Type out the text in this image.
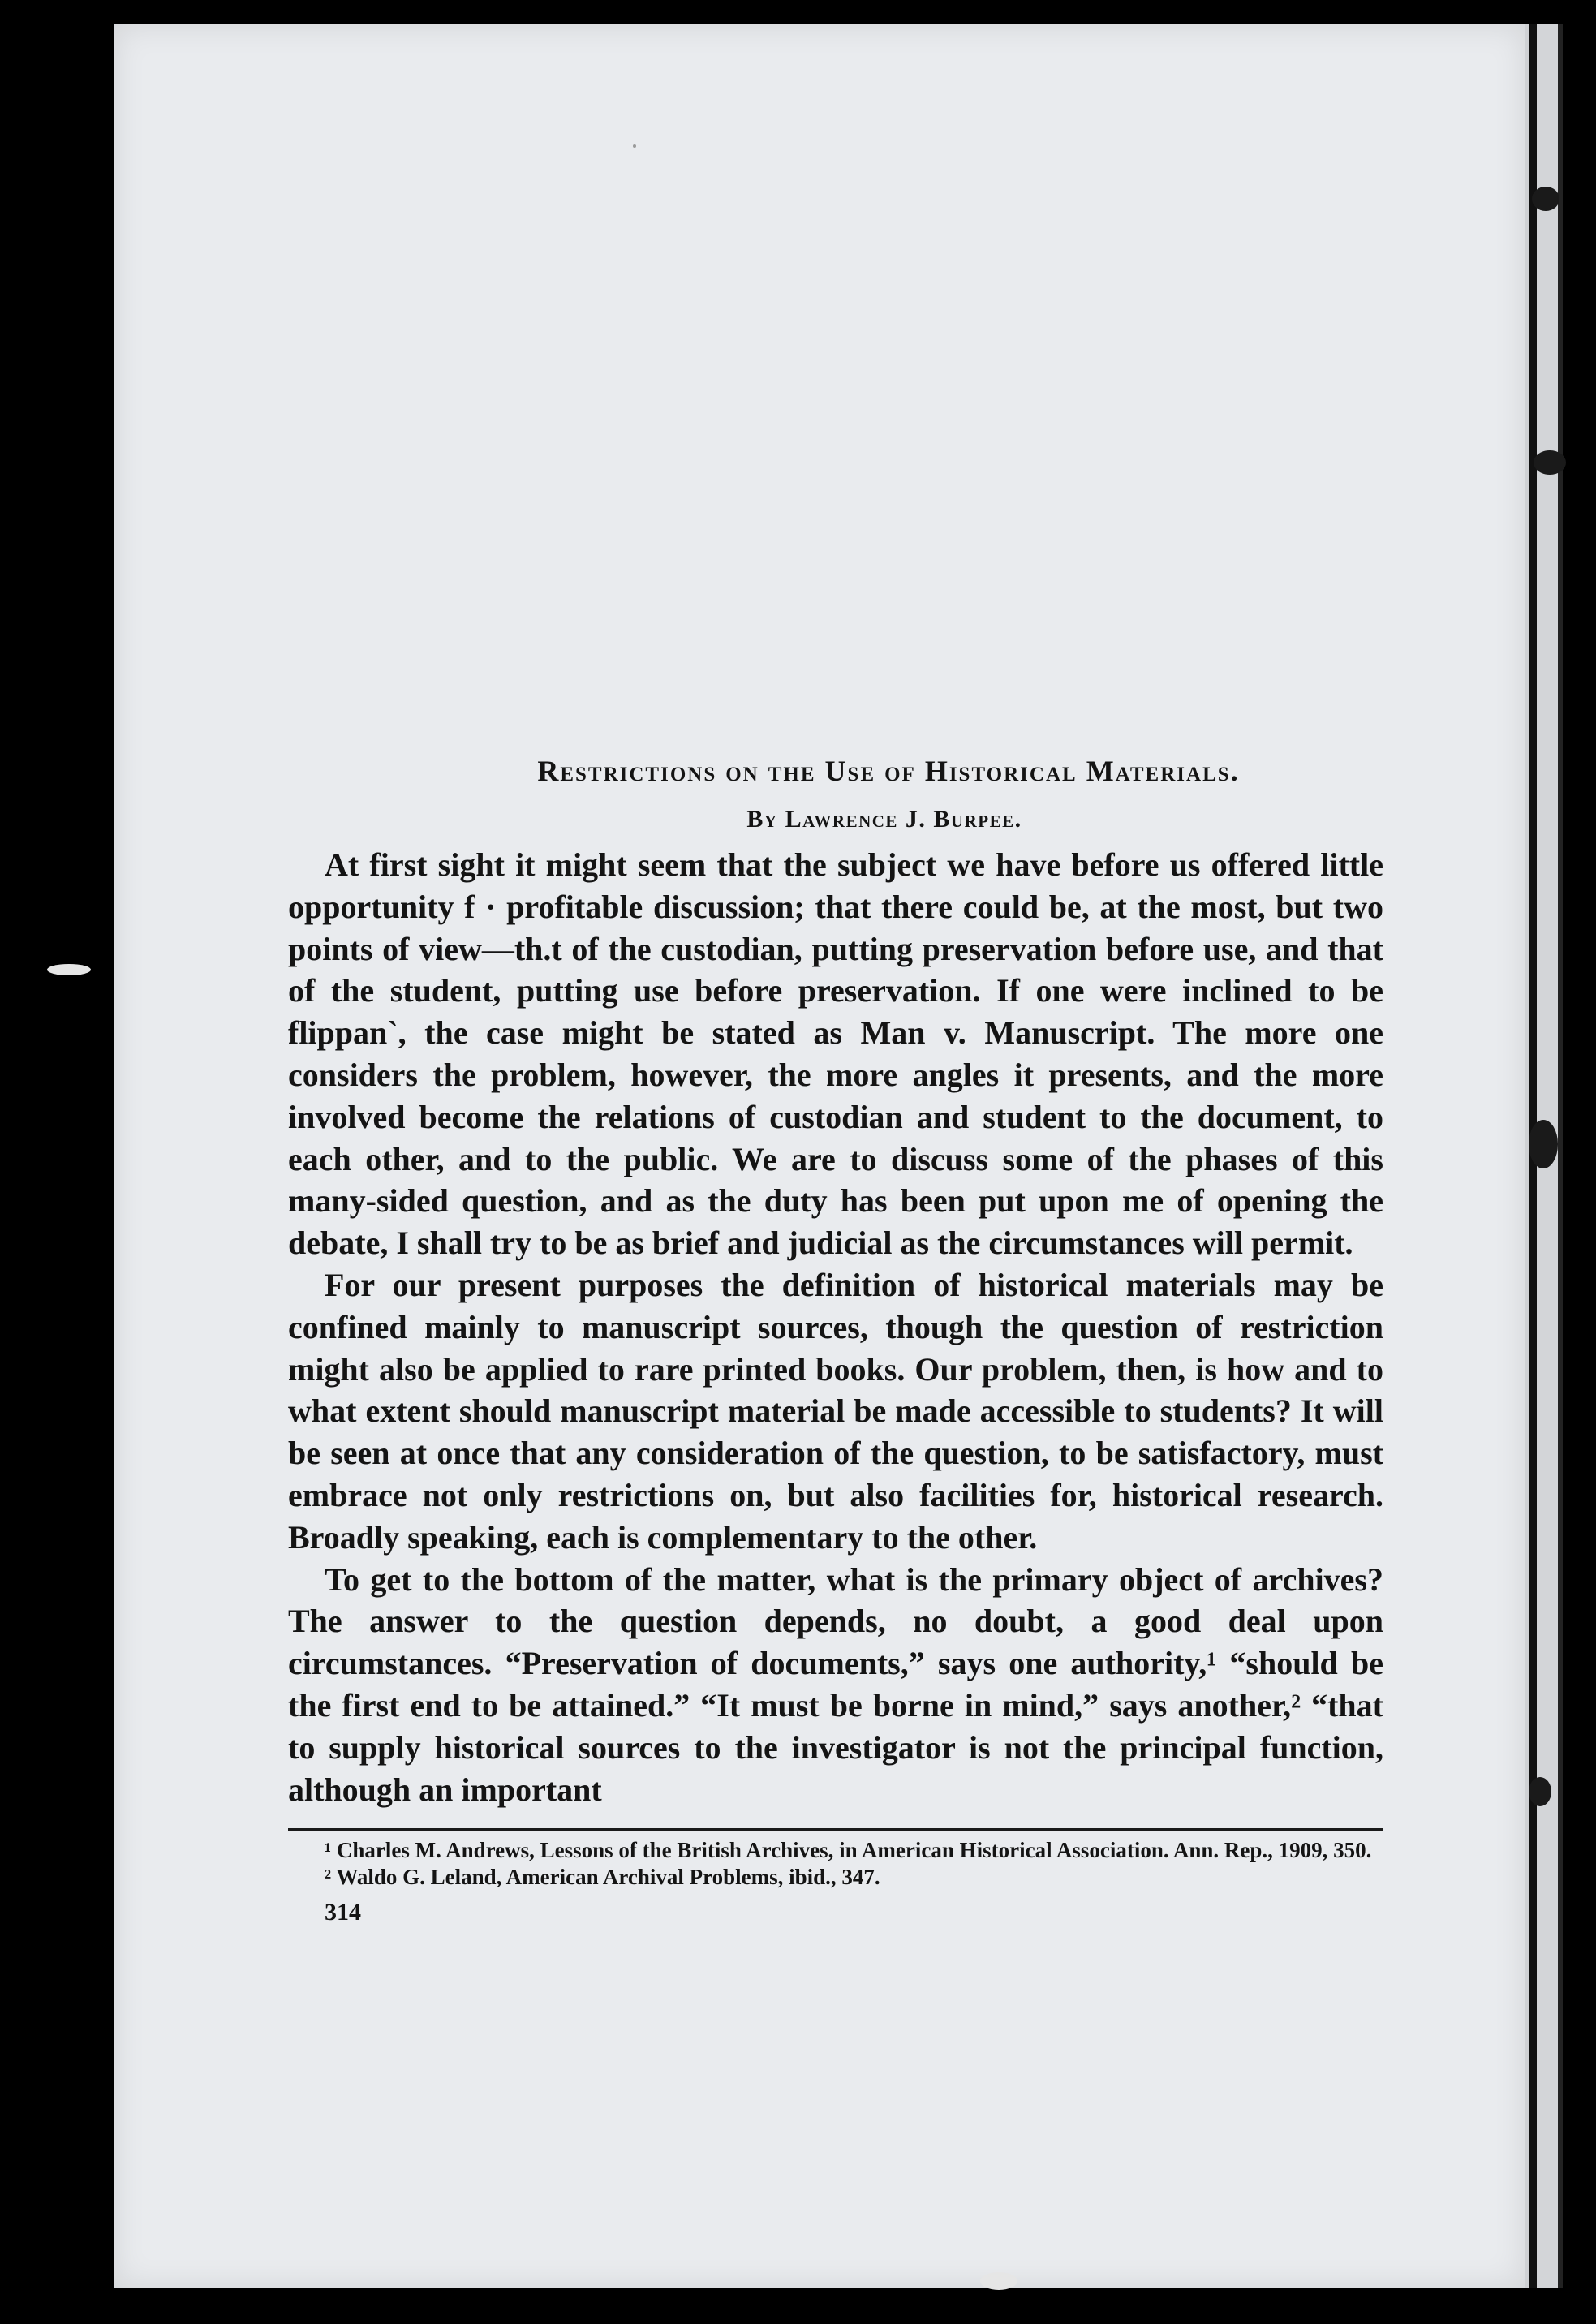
Restrictions on the Use of Historical Materials.

By Lawrence J. Burpee.

At first sight it might seem that the subject we have before us offered little opportunity f · profitable discussion; that there could be, at the most, but two points of view—th.t of the custodian, putting preservation before use, and that of the student, putting use before preservation. If one were inclined to be flippan`, the case might be stated as Man v. Manuscript. The more one considers the problem, however, the more angles it presents, and the more involved become the relations of custodian and student to the document, to each other, and to the public. We are to discuss some of the phases of this many-sided question, and as the duty has been put upon me of opening the debate, I shall try to be as brief and judicial as the circumstances will permit.

For our present purposes the definition of historical materials may be confined mainly to manuscript sources, though the question of restriction might also be applied to rare printed books. Our problem, then, is how and to what extent should manuscript material be made accessible to students? It will be seen at once that any consideration of the question, to be satisfactory, must embrace not only restrictions on, but also facilities for, historical research. Broadly speaking, each is complementary to the other.

To get to the bottom of the matter, what is the primary object of archives? The answer to the question depends, no doubt, a good deal upon circumstances. “Preservation of documents,” says one authority,¹ “should be the first end to be attained.” “It must be borne in mind,” says another,² “that to supply historical sources to the investigator is not the principal function, although an important

¹ Charles M. Andrews, Lessons of the British Archives, in American Historical Association. Ann. Rep., 1909, 350.

² Waldo G. Leland, American Archival Problems, ibid., 347.

314
